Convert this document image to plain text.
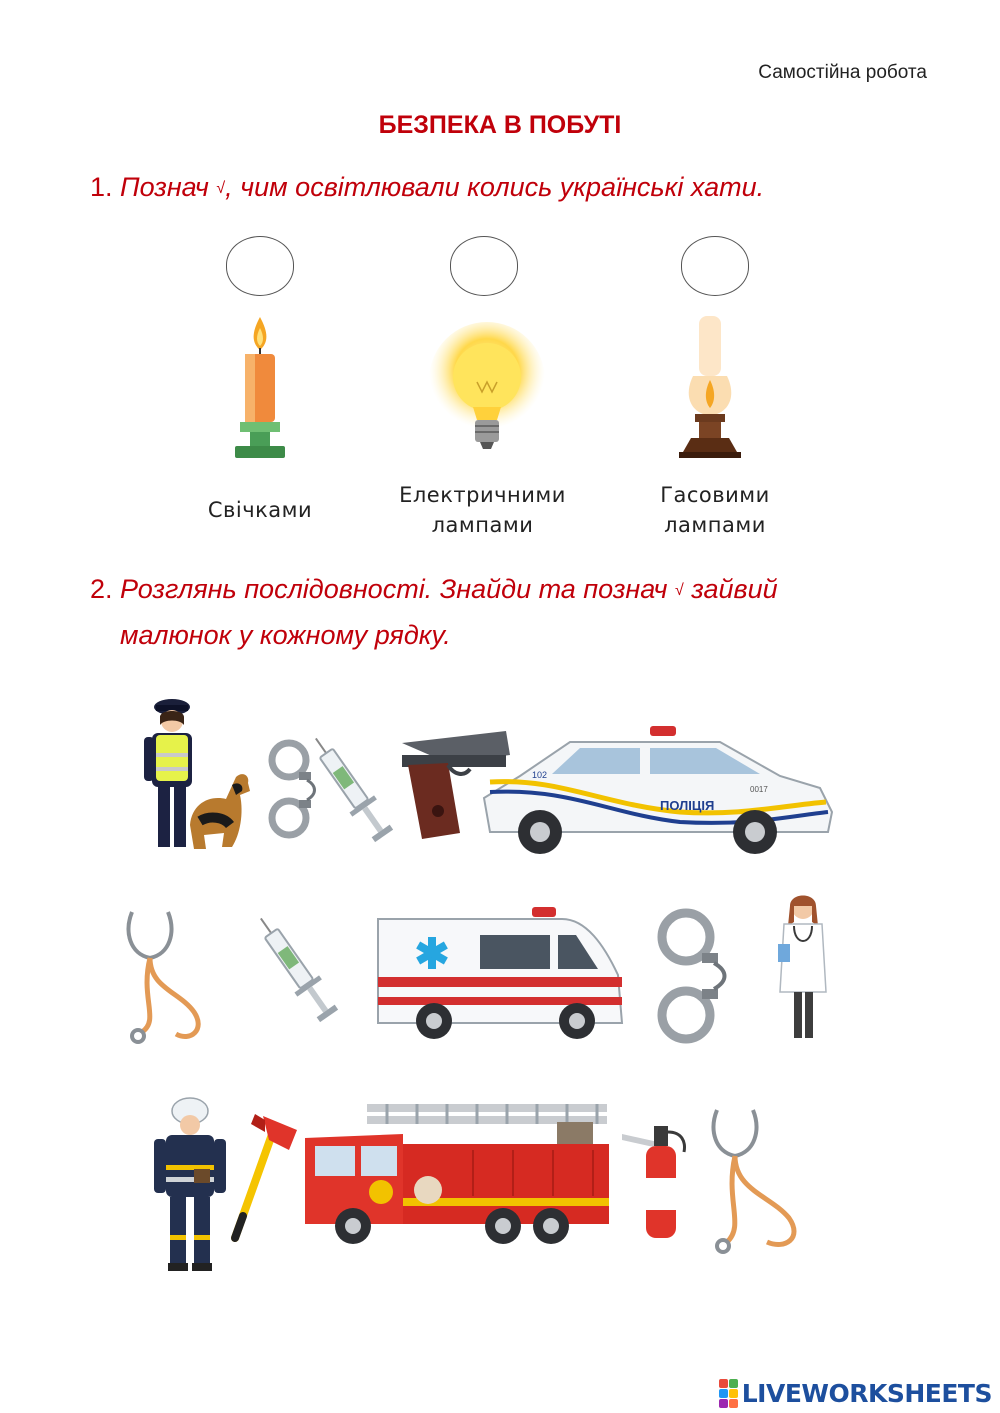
Самостійна робота
БЕЗПЕКА В ПОБУТІ
1. Познач √, чим освітлювали колись українські хати.
Свічками
Електричними
лампами
Гасовими
лампами
2. Розглянь послідовності. Знайди та познач √ зайвий
малюнок у кожному рядку.
102
ПОЛІЦІЯ
0017
LIVEWORKSHEETS
